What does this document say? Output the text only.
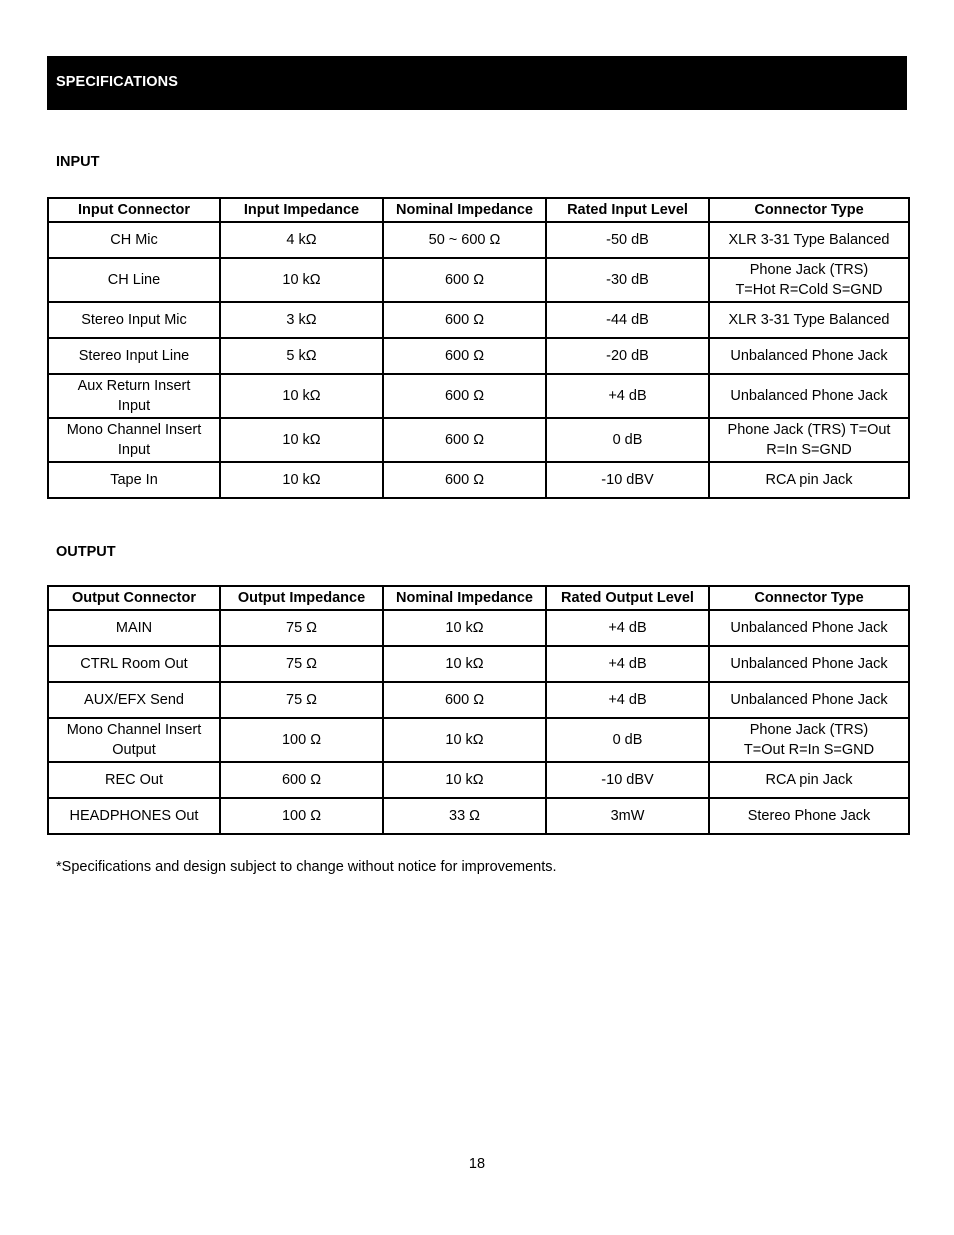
SPECIFICATIONS
INPUT
Input Connector	Input Impedance	Nominal Impedance	Rated Input Level	Connector Type
CH Mic	4 kΩ	50 ~ 600 Ω	-50 dB	XLR 3-31 Type Balanced
CH Line	10 kΩ	600 Ω	-30 dB	Phone Jack (TRS)
T=Hot R=Cold S=GND
Stereo Input Mic	3 kΩ	600 Ω	-44 dB	XLR 3-31 Type Balanced
Stereo Input Line	5 kΩ	600 Ω	-20 dB	Unbalanced Phone Jack
Aux Return Insert
Input	10 kΩ	600 Ω	+4 dB	Unbalanced Phone Jack
Mono Channel Insert
Input	10 kΩ	600 Ω	0 dB	Phone Jack (TRS) T=Out
R=In S=GND
Tape In	10 kΩ	600 Ω	-10 dBV	RCA pin Jack
OUTPUT
Output Connector	Output Impedance	Nominal Impedance	Rated Output Level	Connector Type
MAIN	75 Ω	10 kΩ	+4 dB	Unbalanced Phone Jack
CTRL Room Out	75 Ω	10 kΩ	+4 dB	Unbalanced Phone Jack
AUX/EFX Send	75 Ω	600 Ω	+4 dB	Unbalanced Phone Jack
Mono Channel Insert
Output	100 Ω	10 kΩ	0 dB	Phone Jack (TRS)
T=Out R=In S=GND
REC Out	600 Ω	10 kΩ	-10 dBV	RCA pin Jack
HEADPHONES Out	100 Ω	33 Ω	3mW	Stereo Phone Jack
*Specifications and design subject to change without notice for improvements.
18
